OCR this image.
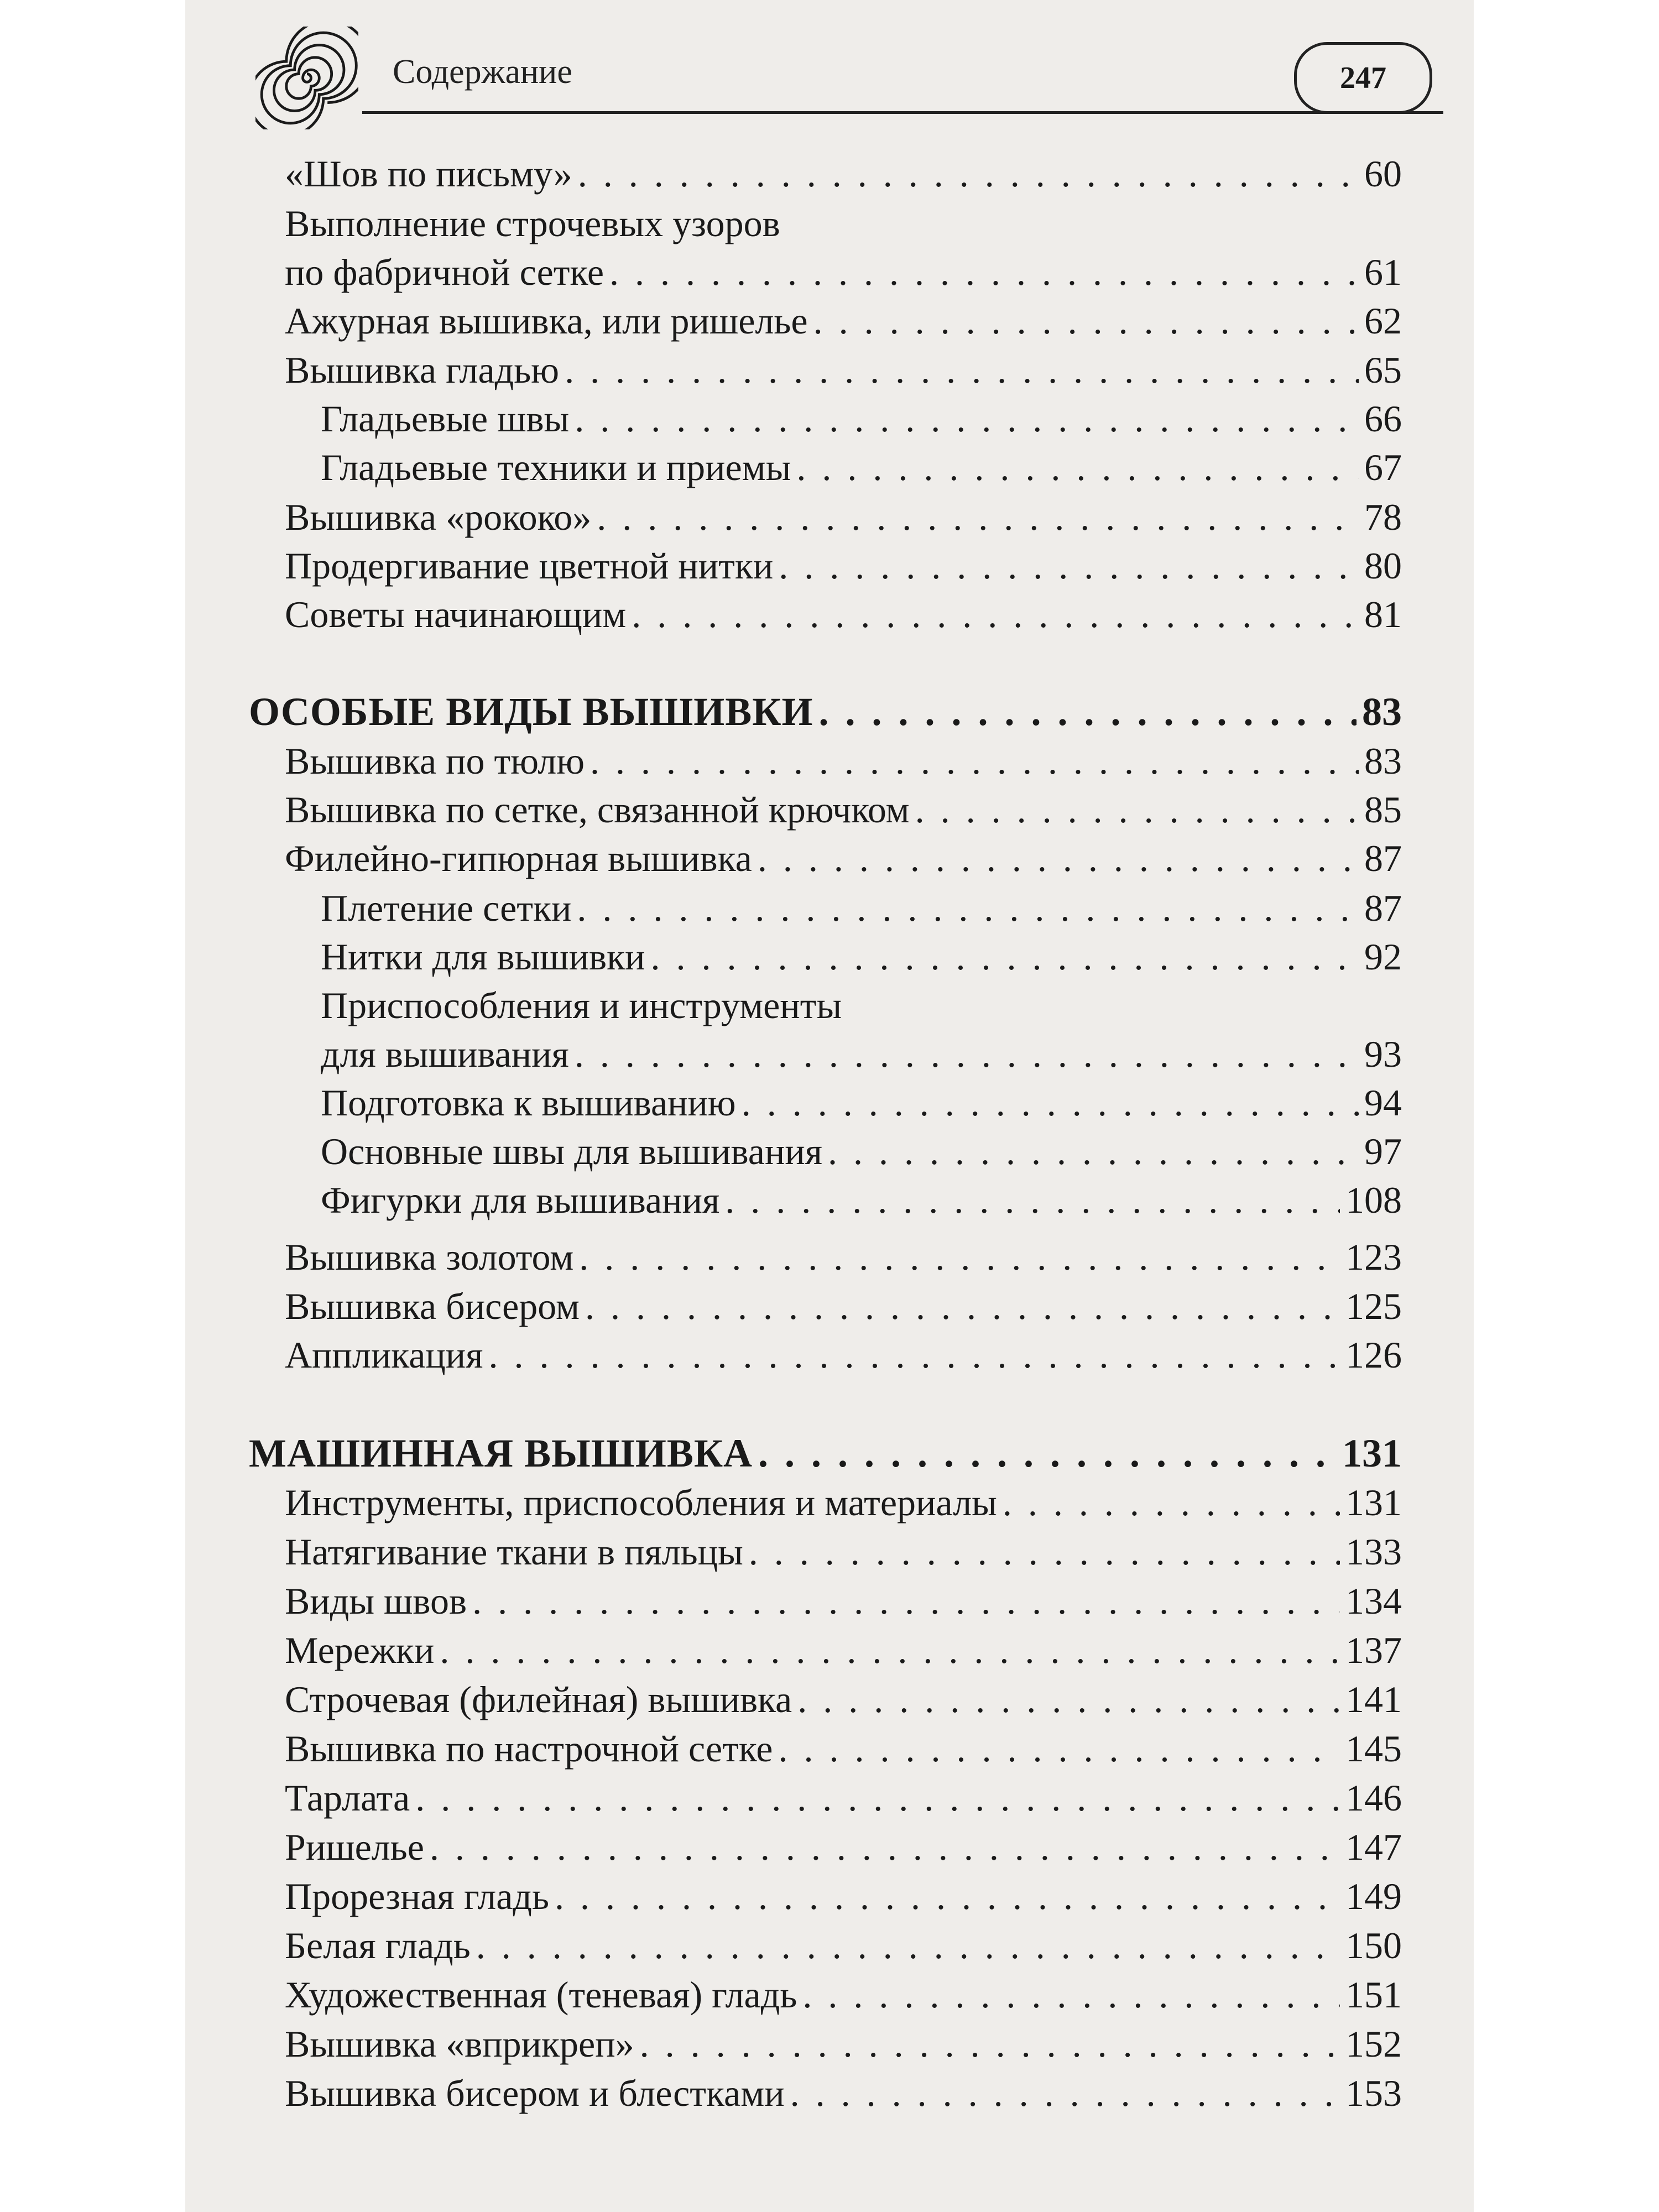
Содержание	247
«Шов по письму» . . .	60
Выполнение строчевых узоров
по фабричной сетке . . .	61
Ажурная вышивка, или ришелье . . .	62
Вышивка гладью . . .	65
Гладьевые швы . . .	66
Гладьевые техники и приемы . . .	67
Вышивка «рококо» . . .	78
Продергивание цветной нитки . . .	80
Советы начинающим . . .	81
ОСОБЫЕ ВИДЫ ВЫШИВКИ . . .	83
Вышивка по тюлю . . .	83
Вышивка по сетке, связанной крючком . . .	85
Филейно-гипюрная вышивка . . .	87
Плетение сетки . . .	87
Нитки для вышивки . . .	92
Приспособления и инструменты
для вышивания . . .	93
Подготовка к вышиванию . . .	94
Основные швы для вышивания . . .	97
Фигурки для вышивания . . .	108
Вышивка золотом . . .	123
Вышивка бисером . . .	125
Аппликация . . .	126
МАШИННАЯ ВЫШИВКА . . .	131
Инструменты, приспособления и материалы . . .	131
Натягивание ткани в пяльцы . . .	133
Виды швов . . .	134
Мережки . . .	137
Строчевая (филейная) вышивка . . .	141
Вышивка по настрочной сетке . . .	145
Тарлата . . .	146
Ришелье . . .	147
Прорезная гладь . . .	149
Белая гладь . . .	150
Художественная (теневая) гладь . . .	151
Вышивка «вприкреп» . . .	152
Вышивка бисером и блестками . . .	153
